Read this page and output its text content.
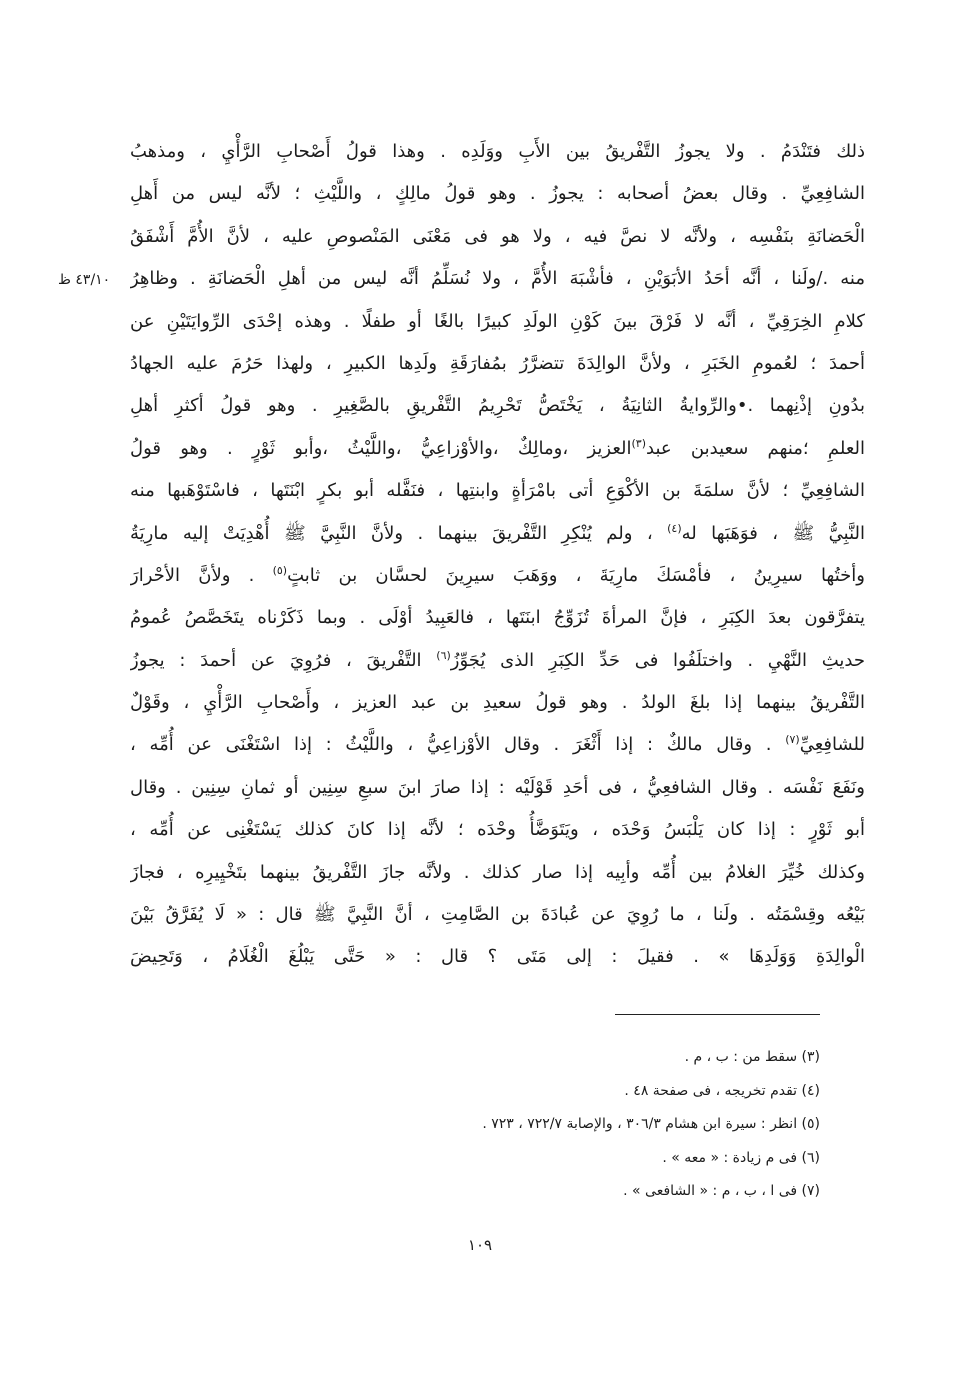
٤٣/١٠ ظ
ذلك فتَنْدَمُ . ولا يجوزُ التَّفْريقُ بين الأَبِ ووَلَدِه . وهذا قولُ أَصْحابِ الرَّأْيِ ، ومذهبُ
الشافِعِيِّ . وقال بعضُ أصحابه : يجوزُ . وهو قولُ مالِكٍ ، واللَّيْثِ ؛ لأنَّه ليس من أَهلِ
الْحَضانَةِ بنَفْسِه ، ولأنَّه لا نصَّ فيه ، ولا هو فى مَعْنَى المَنْصوصِ عليه ، لأنَّ الأُمَّ أَشْفَقُ
منه ./ولَنا ، أنَّه أحَدُ الأبَوَيْنِ ، فأشْبَهَ الأُمَّ ، ولا نُسَلِّمُ أنَّه ليس من أهلِ الْحَضانَةِ . وظاهِرُ
كلامِ الخِرَقِيِّ ، أنَّه لا فَرْقَ بينَ كَوْنِ الولَدِ كبيرًا بالغًا أو طفلًا . وهذه إحْدَى الرِّوايَتَيْنِ عن
أحمدَ ؛ لعُمومِ الخَبَرِ ، ولأنَّ الوالِدَةَ تتضرَّرُ بمُفارَقَةِ ولَدِها الكبيرِ ، ولهذا حَرُمَ عليه الجهادُ
بدُونِ إذْنِهما .•والرِّوايةُ الثانِيَةُ ، يَخْتَصُّ تَحْرِيمُ التَّفْريقِ بالصَّغِيرِ . وهو قولُ أكثرِ أهلِ
العلمِ ؛منهم سعيدبن عبد$^{(٣)}$العزيز ،ومالِكٌ ،والأوْزاعِيُّ ،واللَّيْثُ ،وأبو ثَوْرٍ . وهو قولُ
الشافِعِيِّ ؛ لأنَّ سلمَةَ بن الأكْوَعِ أتى بامْرَأةٍ وابنتِها ، فنَفَّله أبو بكرٍ ابْنَتَها ، فاسْتَوْهَبها منه
النَّبِيُّ ﷺ ، فوَهَبَها له$^{(٤)}$ ، ولم يُنْكِرِ التَّفْريقَ بينهما . ولأنَّ النَّبِيَّ ﷺ أُهْدِيَتْ إليه مارِيَةُ
وأختُها سيرِينُ ، فأمْسَكَ مارِيَةَ ، ووَهَبَ سيرِينَ لحسَّان بن ثابتٍ$^{(٥)}$ . ولأنَّ الأحْرارَ
يتفرَّقون بعدَ الكِبَرِ ، فإنَّ المرأةَ تُزَوِّجُ ابنَتَها ، فالعَبِيدُ أوْلَى . وبما ذَكَرْناه يتَخَصَّصُ عُمومُ
حديثِ النَّهْيِ . واختلَفُوا فى حَدِّ الكِبَرِ الذى يُجَوِّزُ$^{(٦)}$ التَّفْريقَ ، فرُوِيَ عن أحمدَ : يجوزُ
التَّفْريقُ بينهما إذا بلغَ الولدُ . وهو قولُ سعيدِ بن عبد العزيز ، وأَصْحابِ الرَّأْيِ ، وقَوْلٌ
للشافِعِيِّ$^{(٧)}$ . وقال مالكٌ : إذا أَثْغَرَ . وقال الأوْزاعِيُّ ، واللَّيْثُ : إذا اسْتَغْنَى عن أُمِّه ،
ونَفَعَ نَفْسَه . وقال الشافعِيُّ ، فى أحَدِ قَوْلَيْه : إذا صارَ ابنَ سبعِ سِنِين أو ثمانِ سِنِين . وقال
أبو ثَوْرٍ : إذا كان يَلْبَسُ وَحْدَه ، ويَتَوَضَّأُ وحْدَه ؛ لأنَّه إذا كانَ كذلك يَسْتَغْنِى عن أُمِّه ،
وكذلك خُيِّرَ الغلامُ بين أُمِّه وأبِيه إذا صار كذلك . ولأنَّه جازَ التَّفْريقُ بينهما بتَخْيِيرِه ، فجازَ
بَيْعُه وقِسْمَتُه . ولَنا ، ما رُوِيَ عن عُبادَةَ بن الصَّامِتِ ، أنَّ النَّبِيَّ ﷺ قال : « لَا يُفَرَّقُ بَيْنَ
الْوالِدَةِ وَوَلَدِهَا » . فقيلَ : إلى مَتَى ؟ قال : « حَتَّى يَبْلُغَ الْغُلَامُ ، وَتَحِيضَ
(٣) سقط من : ب ، م .
(٤) تقدم تخريجه ، فى صفحة ٤٨ .
(٥) انظر : سيرة ابن هشام ٣٠٦/٣ ، والإصابة ٧٢٢/٧ ، ٧٢٣ .
(٦) فى م زيادة : « معه » .
(٧) فى ا ، ب ، م : « الشافعى » .
١٠٩
